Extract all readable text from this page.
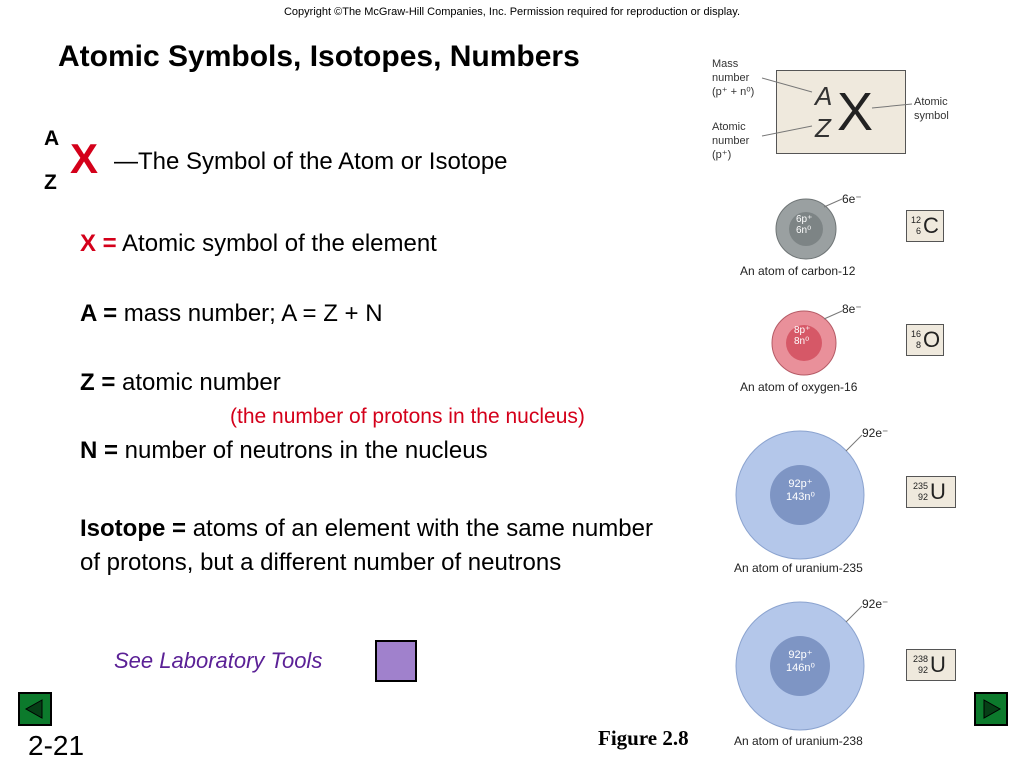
Copyright ©The McGraw-Hill Companies, Inc. Permission required for reproduction or display.
Atomic Symbols, Isotopes, Numbers
A
Z
X —The Symbol of the Atom or Isotope
X = Atomic symbol of the element
A = mass number; A = Z + N
Z = atomic number
(the number of protons in the nucleus)
N = number of neutrons in the nucleus
Isotope = atoms of an element with the same number of protons, but a different number of neutrons
See Laboratory Tools
2-21	Figure 2.8
Mass
number
(p⁺ + n⁰)
Atomic
number
(p⁺)
Atomic
symbol
A
Z X
6p⁺
6n⁰
6e⁻
An atom of carbon-12
12
6 C
8p⁺
8n⁰
8e⁻
An atom of oxygen-16
16
8 O
92p⁺
143n⁰
92e⁻
An atom of uranium-235
235
92 U
92p⁺
146n⁰
92e⁻
An atom of uranium-238
238
92 U
